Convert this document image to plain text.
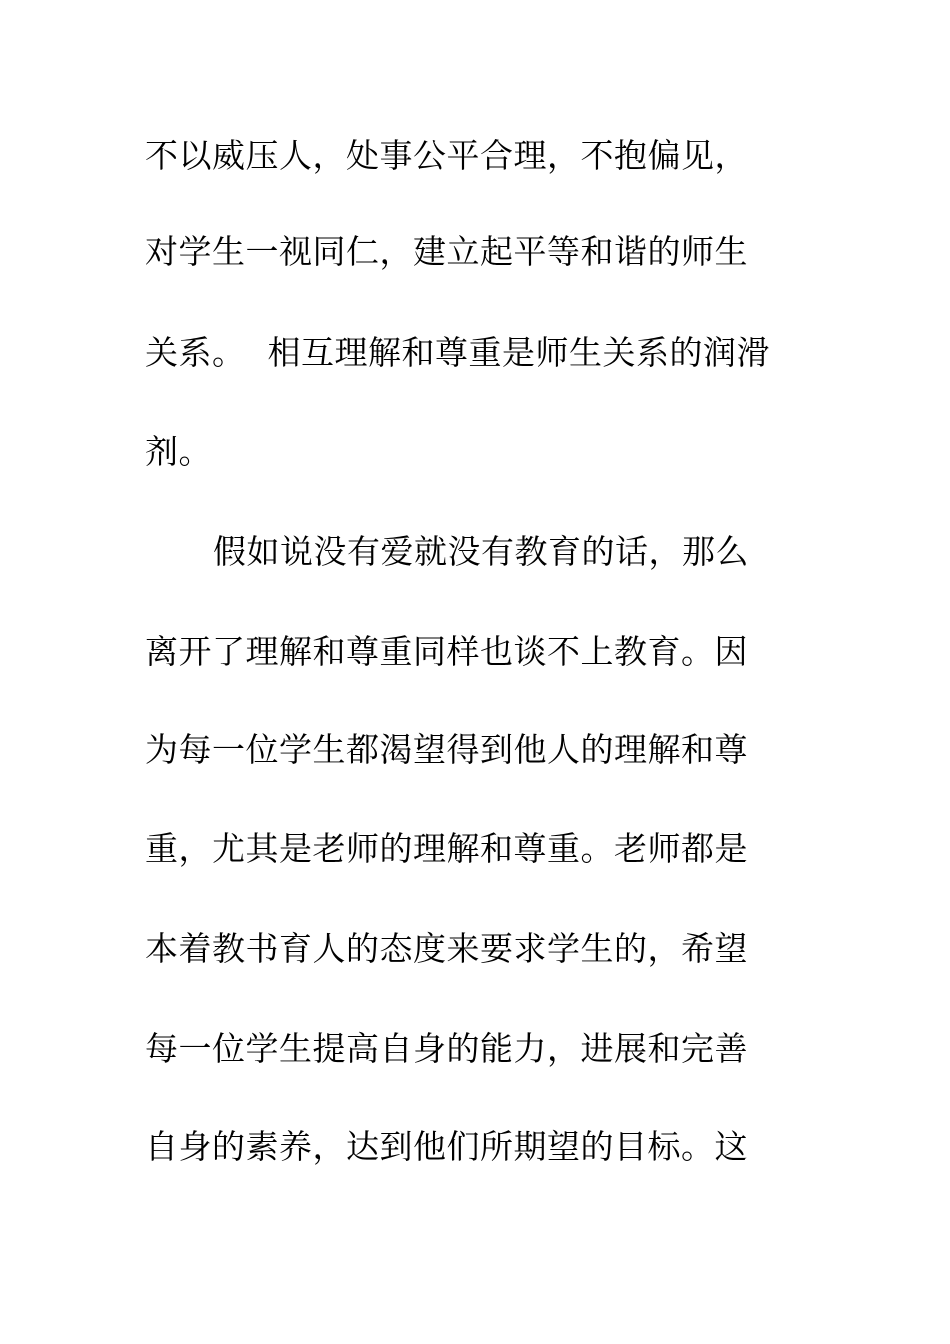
不以威压人，处事公平合理，不抱偏见，
对学生一视同仁，建立起平等和谐的师生
关系。  相互理解和尊重是师生关系的润滑
剂。
假如说没有爱就没有教育的话，那么
离开了理解和尊重同样也谈不上教育。因
为每一位学生都渴望得到他人的理解和尊
重，尤其是老师的理解和尊重。老师都是
本着教书育人的态度来要求学生的，希望
每一位学生提高自身的能力，进展和完善
自身的素养，达到他们所期望的目标。这
